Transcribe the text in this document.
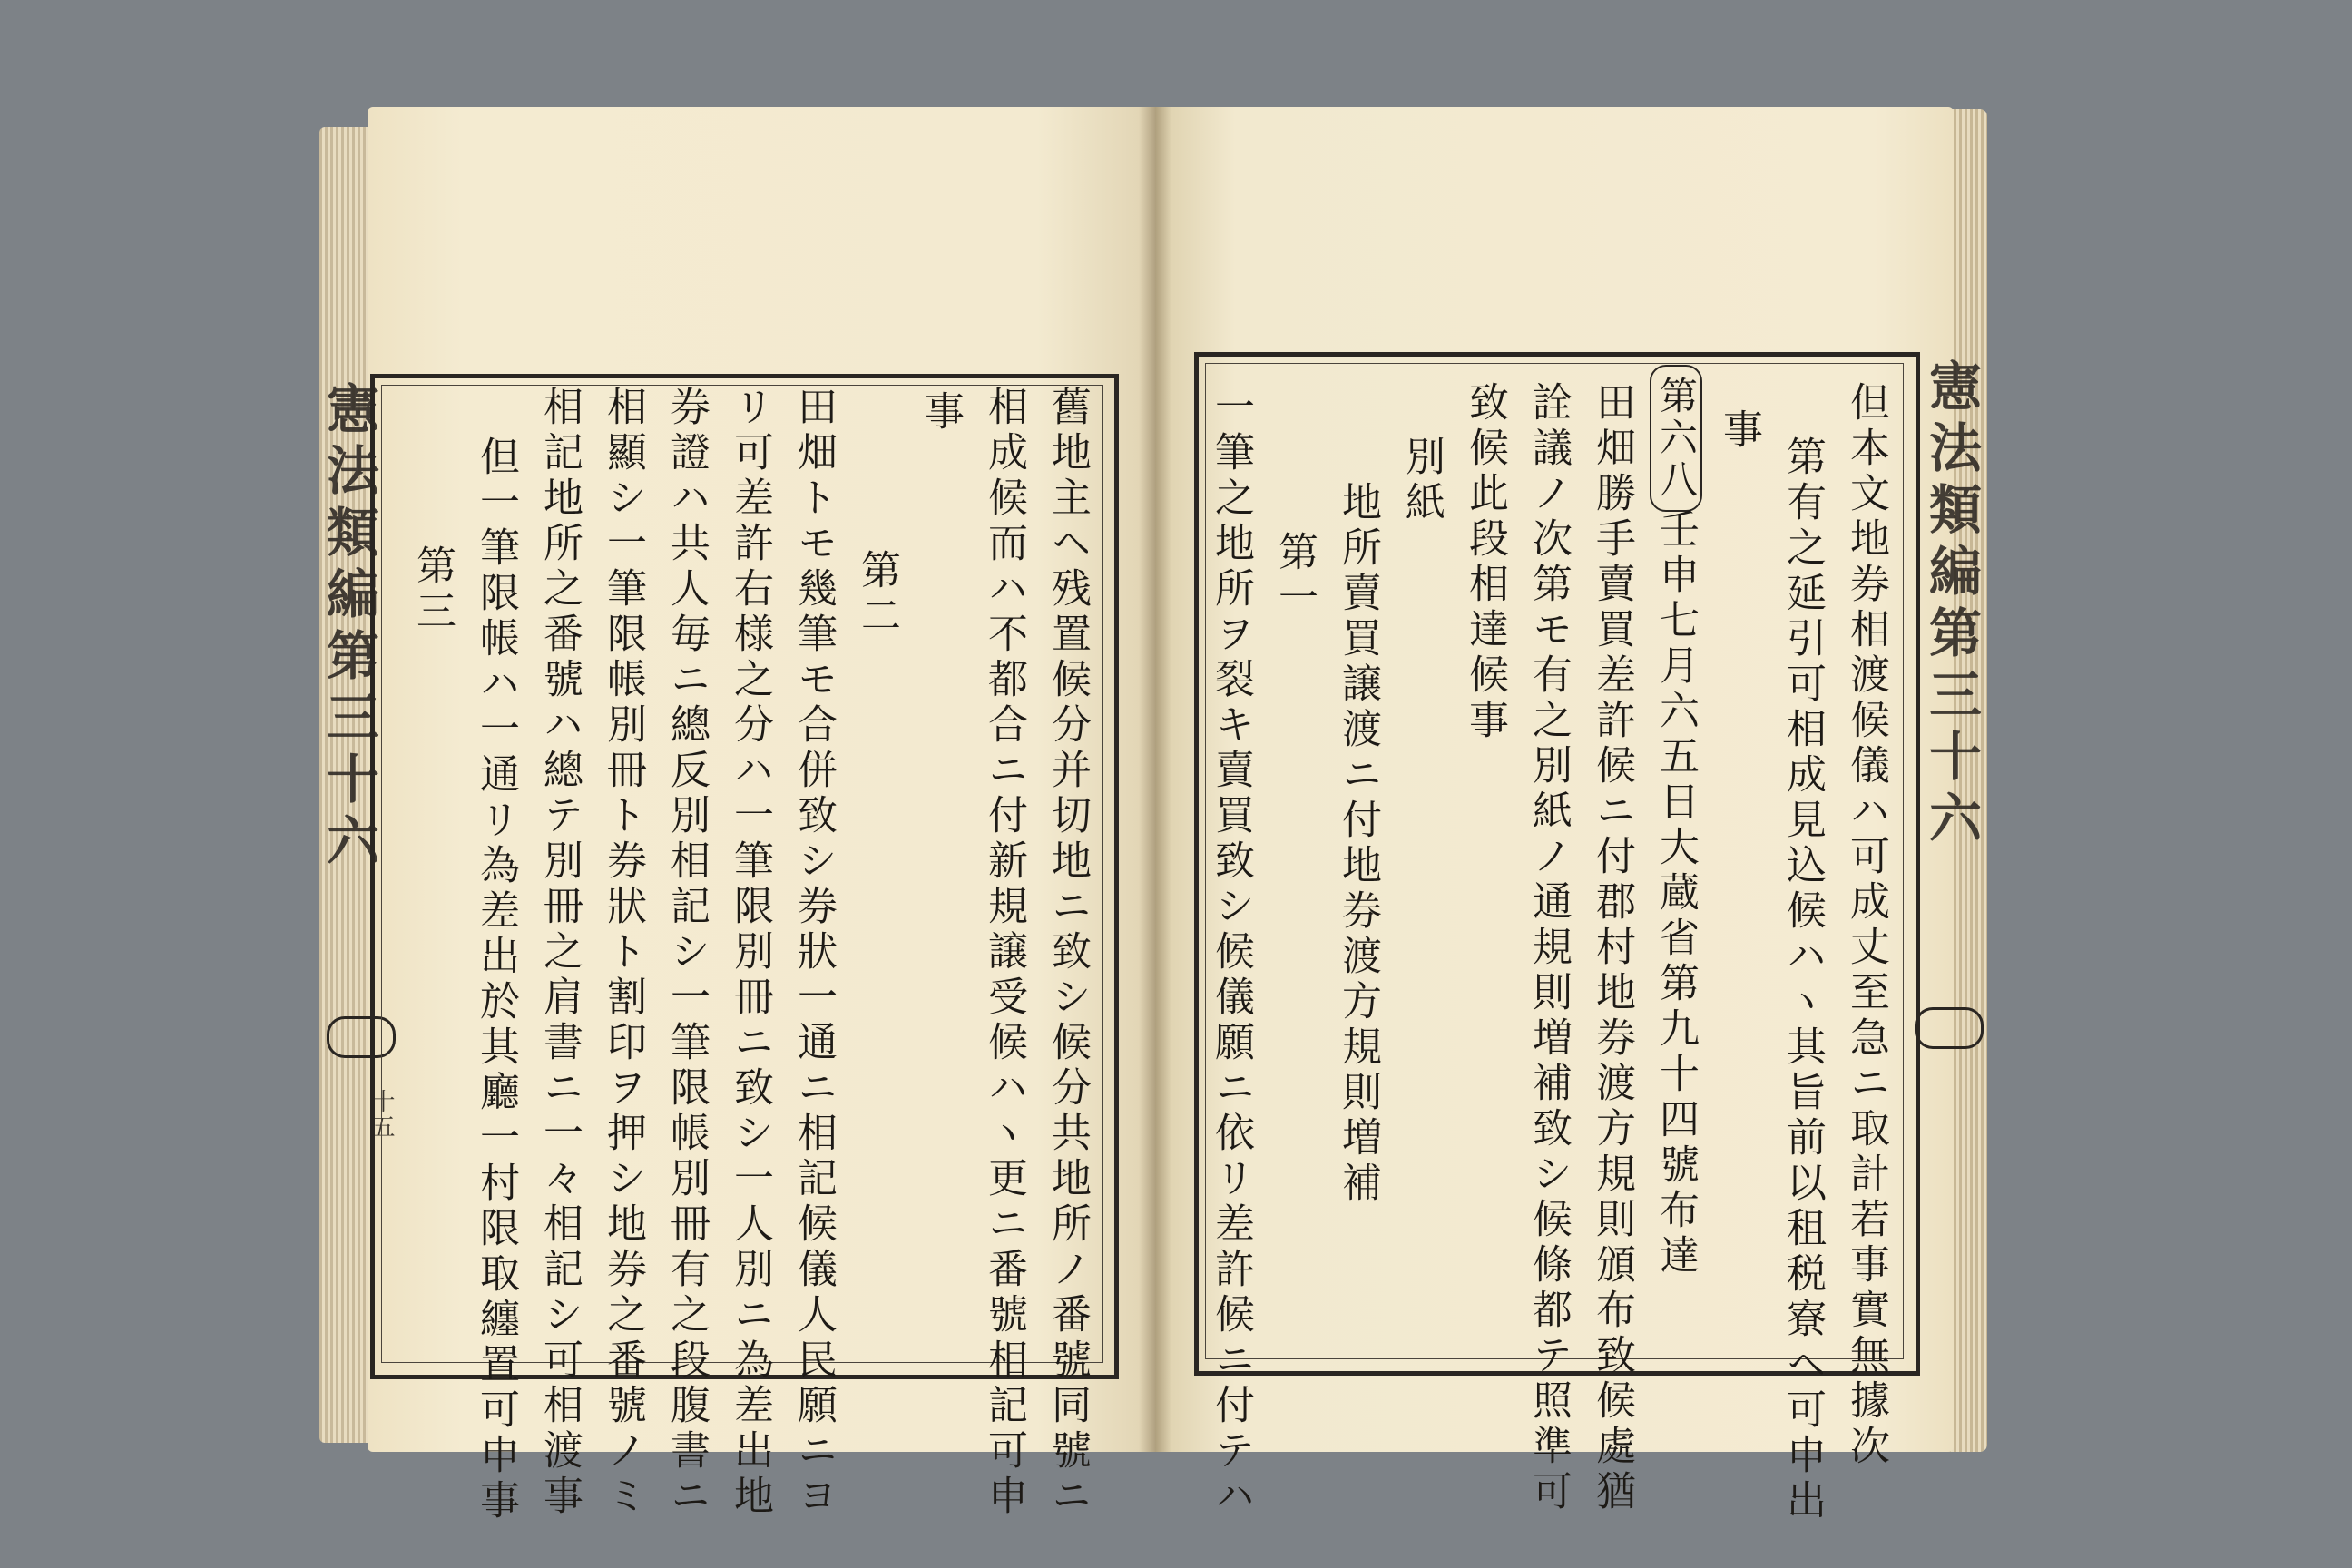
憲法類編第三十六
十五	舊地主ヘ残置候分并切地ニ致シ候分共地所ノ番號同號ニ
相成候而ハ不都合ニ付新規譲受候ハヽ更ニ番號相記可申
事
第二
田畑トモ幾筆モ合併致シ券狀一通ニ相記候儀人民願ニヨ
リ可差許右様之分ハ一筆限別冊ニ致シ一人別ニ為差出地
券證ハ共人毎ニ總反別相記シ一筆限帳別冊有之段腹書ニ
相顯シ一筆限帳別冊ト券狀ト割印ヲ押シ地券之番號ノミ
相記地所之番號ハ總テ別冊之肩書ニ一々相記シ可相渡事
但一筆限帳ハ一通リ為差出於其廳一村限取纏置可申事
第三	憲法類編第三十六
但本文地券相渡候儀ハ可成丈至急ニ取計若事實無據次
第有之延引可相成見込候ハヽ其旨前以租税寮ヘ可申出
事
第六八
壬申七月六五日大蔵省第九十四號布達
田畑勝手賣買差許候ニ付郡村地券渡方規則頒布致候處猶
詮議ノ次第モ有之別紙ノ通規則増補致シ候條都テ照準可
致候此段相達候事
別紙
地所賣買譲渡ニ付地券渡方規則増補
第一
一筆之地所ヲ裂キ賣買致シ候儀願ニ依リ差許候ニ付テハ
